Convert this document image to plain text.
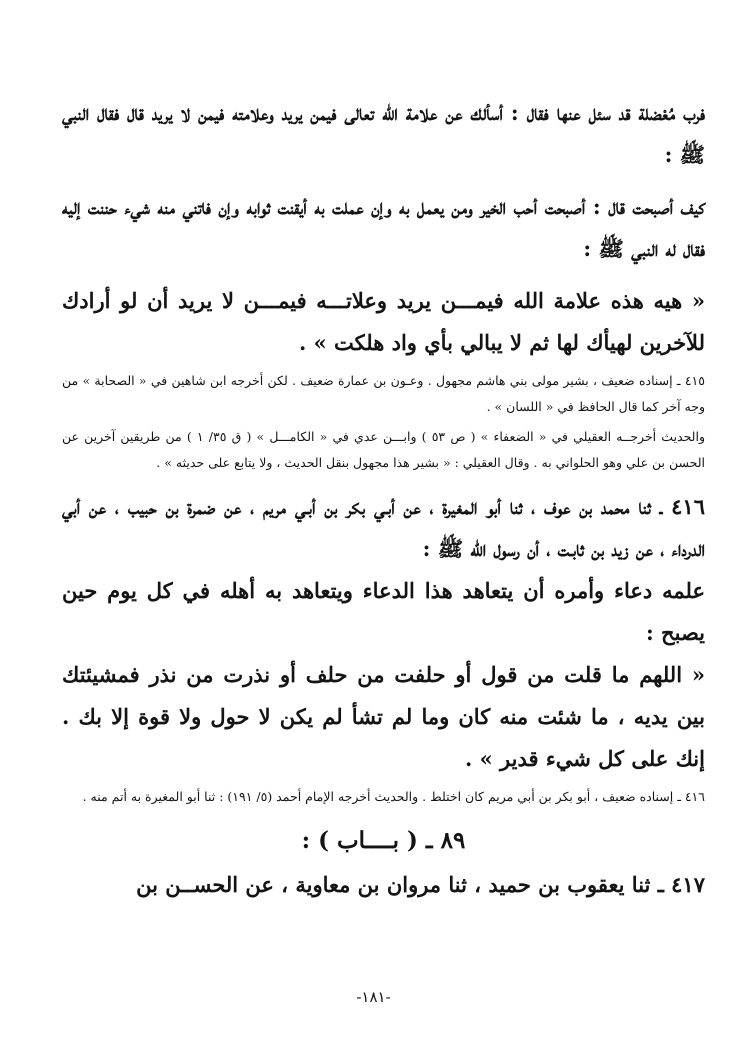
فرب مُعْضلة قد سئل عنها فقال : أسألك عن علامة الله تعالى فيمن يريد وعلامته فيمن لا يريد قال فقال النبي ﷺ :

كيف أصبحت قال : أصبحت أحب الخير ومن يعمل به وإن عملت به أيقنت ثوابه وإن فاتني منه شيء حننت إليه فقال له النبي ﷺ :

« هيه هذه علامة الله فيمـــن يريد وعلاتـــه فيمـــن لا يريد أن لو أرادك للآخرين لهيأك لها ثم لا يبالي بأي واد هلكت » .

٤١٥ ـ إسناده ضعيف ، بشير مولى بني هاشم مجهول . وعـون بن عمارة ضعيف . لكن أخرجه ابن شاهين في « الصحابة » من وجه آخر كما قال الحافظ في « اللسان » .

والحديث أخرجــه العقيلي في « الضعفاء » ( ص ٥٣ ) وابـــن عدي في « الكامـــل » ( ق ٣٥/ ١ ) من طريقين آخرين عن الحسن بن علي وهو الحلواني به . وقال العقيلي : « بشير هذا مجهول بنقل الحديث ، ولا يتابع على حديثه » .

٤١٦ ـ ثنا محمد بن عوف ، ثنا أبو المغيرة ، عن أبـي بكر بن أبـي مريم ، عن ضمرة بن حبيب ، عن أبي الدرداء ، عن زيد بن ثابـت ، أن رسول الله ﷺ :

علمه دعاء وأمره أن يتعاهد هذا الدعاء ويتعاهد به أهله في كل يوم حين يصبح :

« اللهم ما قلت من قول أو حلفت من حلف أو نذرت من نذر فمشيئتك بين يديه ، ما شئت منه كان وما لم تشأ لم يكن لا حول ولا قوة إلا بك . إنك على كل شيء قدير » .

٤١٦ ـ إسناده ضعيف ، أبو بكر بن أبي مريم كان اختلط . والحديث أخرجه الإمام أحمد (٥/ ١٩١) : ثنا أبو المغيرة به أتم منه .

٨٩ ـ ( بــــاب ) :

٤١٧ ـ ثنا يعقوب بن حميد ، ثنا مروان بن معاوية ، عن الحســن بن

-١٨١-
